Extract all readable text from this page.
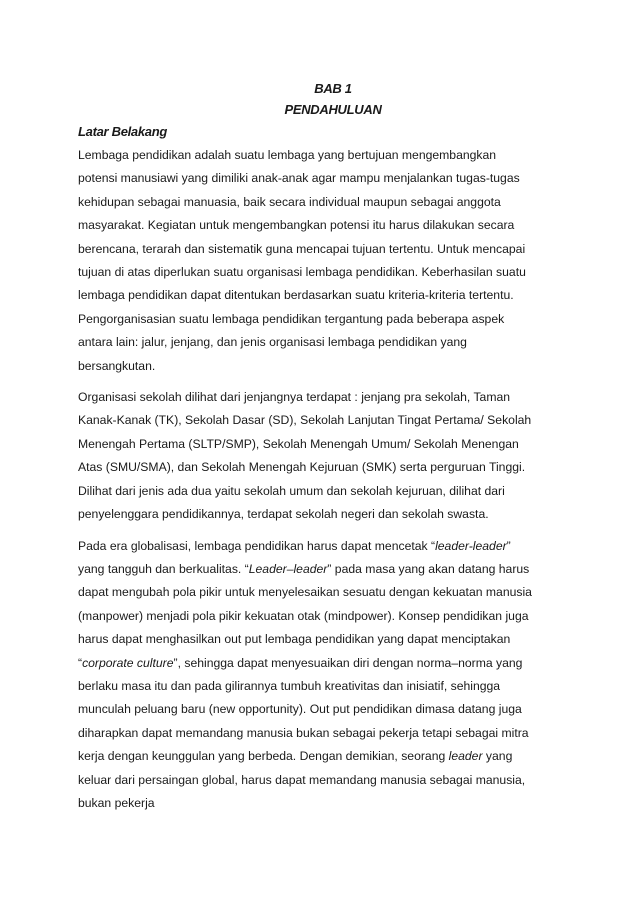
BAB 1
PENDAHULUAN
Latar Belakang

Lembaga pendidikan adalah suatu lembaga yang bertujuan mengembangkan
potensi manusiawi yang dimiliki anak-anak agar mampu menjalankan tugas-tugas
kehidupan sebagai manuasia, baik secara individual maupun sebagai anggota
masyarakat. Kegiatan untuk mengembangkan potensi itu harus dilakukan secara
berencana, terarah dan sistematik guna mencapai tujuan tertentu. Untuk mencapai
tujuan di atas diperlukan suatu organisasi lembaga pendidikan. Keberhasilan suatu
lembaga pendidikan dapat ditentukan berdasarkan suatu kriteria-kriteria tertentu.
Pengorganisasian suatu lembaga pendidikan tergantung pada beberapa aspek
antara lain: jalur, jenjang, dan jenis organisasi lembaga pendidikan yang
bersangkutan.

Organisasi sekolah dilihat dari jenjangnya terdapat : jenjang pra sekolah, Taman
Kanak-Kanak (TK), Sekolah Dasar (SD), Sekolah Lanjutan Tingat Pertama/ Sekolah
Menengah Pertama (SLTP/SMP), Sekolah Menengah Umum/ Sekolah Menengan
Atas (SMU/SMA), dan Sekolah Menengah Kejuruan (SMK) serta perguruan Tinggi.
Dilihat dari jenis ada dua yaitu sekolah umum dan sekolah kejuruan, dilihat dari
penyelenggara pendidikannya, terdapat sekolah negeri dan sekolah swasta.

Pada era globalisasi, lembaga pendidikan harus dapat mencetak “leader-leader”
yang tangguh dan berkualitas. “Leader–leader” pada masa yang akan datang harus
dapat mengubah pola pikir untuk menyelesaikan sesuatu dengan kekuatan manusia
(manpower) menjadi pola pikir kekuatan otak (mindpower). Konsep pendidikan juga
harus dapat menghasilkan out put lembaga pendidikan yang dapat menciptakan
“corporate culture”, sehingga dapat menyesuaikan diri dengan norma–norma yang
berlaku masa itu dan pada gilirannya tumbuh kreativitas dan inisiatif, sehingga
munculah peluang baru (new opportunity). Out put pendidikan dimasa datang juga
diharapkan dapat memandang manusia bukan sebagai pekerja tetapi sebagai mitra
kerja dengan keunggulan yang berbeda. Dengan demikian, seorang leader yang
keluar dari persaingan global, harus dapat memandang manusia sebagai manusia,
bukan pekerja
